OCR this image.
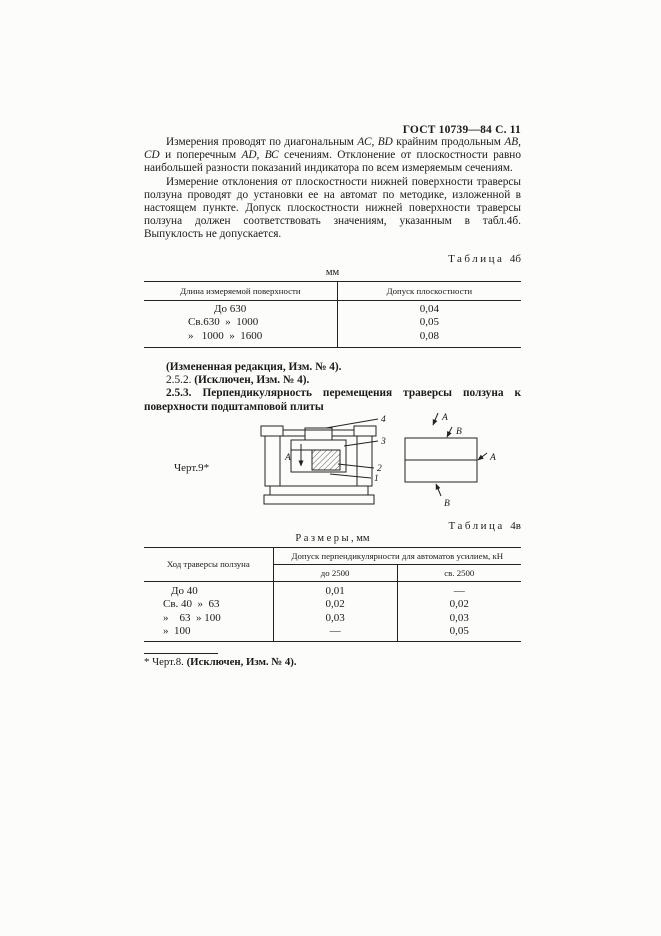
ГОСТ 10739—84 С. 11

Измерения проводят по диагональным АС, ВD крайним продольным АВ, СD и поперечным АD, ВС сечениям. Отклонение от плоскостности равно наибольшей разности показаний индикатора по всем измеряемым сечениям.

Измерение отклонения от плоскостности нижней поверхности траверсы ползуна проводят до установки ее на автомат по методике, изложенной в настоящем пункте. Допуск плоскостности нижней поверхности траверсы ползуна должен соответствовать значениям, указанным в табл.4б. Выпуклость не допускается.

Таблица 4б
мм
Длина измеряемой поверхности	Допуск плоскостности
До 630	0,04
Св.630  »  1000	0,05
»   1000  »  1600	0,08

(Измененная редакция, Изм. № 4).

2.5.2. (Исключен, Изм. № 4).

2.5.3. Перпендикулярность перемещения траверсы ползуна к поверхности подштамповой плиты

Черт.9*
4
3
2
1
A
A
B
A
B
Таблица 4в
Размеры, мм
Ход траверсы ползуна	Допуск перпендикулярности для автоматов усилием, кН	
	до 2500	св. 2500
До 40	0,01	—
Св. 40  »  63	0,02	0,02
»    63  » 100	0,03	0,03
»  100	—	0,05
* Черт.8. (Исключен, Изм. № 4).
